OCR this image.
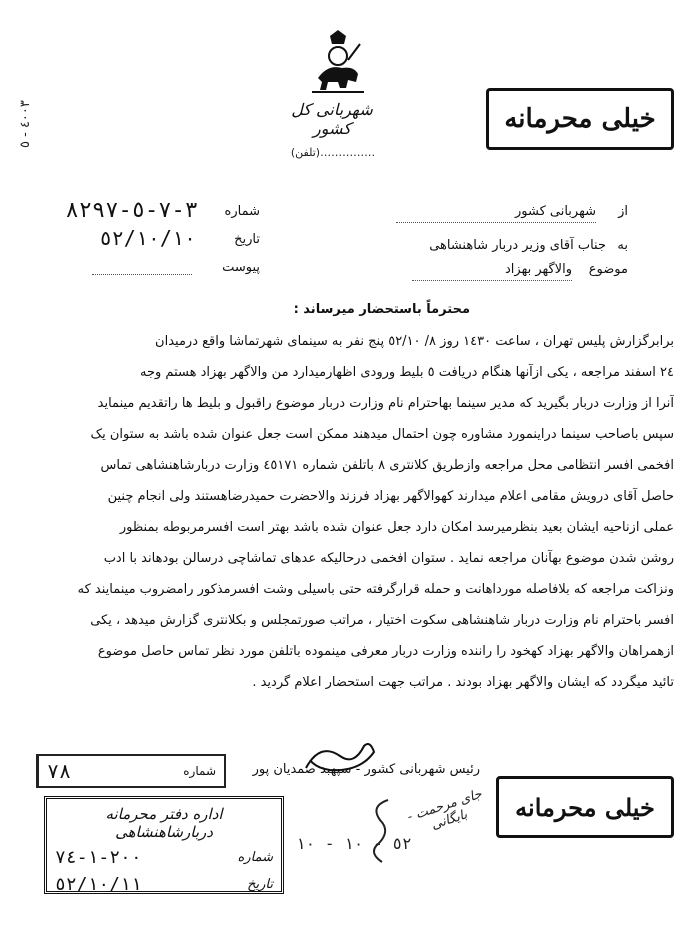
٤٠٠٣ - ٥	شهربانی کل کشور
……………(تلفن)
خیلی محرمانه
از
شهربانی کشور
به
جناب آقای وزیر دربار شاهنشاهی
موضوع
والاگهر بهزاد
شماره
٣-٧-٥-٨٢٩٧
تاریخ
٥٢/١٠/١٠
پیوست
محترماً باستحضار میرساند :
برابرگزارش پلیس تهران ، ساعت ١٤٣٠ روز ٨/ ٥٢/١٠ پنج نفر به سینمای شهرتماشا واقع درمیدان
٢٤ اسفند مراجعه ، یکی ازآنها هنگام دریافت ٥ بلیط ورودی اظهارمیدارد من والاگهر بهزاد هستم وجه
آنرا از وزارت دربار بگیرید که مدیر سینما بهاحترام نام وزارت دربار موضوع راقبول و بلیط ها راتقدیم مینماید
سپس باصاحب سینما دراینمورد مشاوره چون احتمال میدهند ممکن است جعل عنوان شده باشد به ستوان یک
افخمی افسر انتظامی محل مراجعه وازطریق کلانتری ٨ باتلفن شماره ٤٥١٧١ وزارت دربارشاهنشاهی تماس
حاصل آقای درویش مقامی اعلام میدارند کهوالاگهر بهزاد فرزند والاحضرت حمیدرضاهستند ولی انجام چنین
عملی ازناحیه ایشان بعید بنظرمیرسد امکان دارد جعل عنوان شده باشد بهتر است افسرمربوطه بمنظور
روشن شدن موضوع بهآنان مراجعه نماید . ستوان افخمی درحالیکه عدهای تماشاچی درسالن بودهاند با ادب
ونزاکت مراجعه که بلافاصله مورداهانت و حمله قرارگرفته حتی باسیلی وشت افسرمذکور رامضروب مینمایند که
افسر باحترام نام وزارت دربار شاهنشاهی سکوت اختیار ، مراتب صورتمجلس و بکلانتری گزارش میدهد ، یکی
ازهمراهان والاگهر بهزاد کهخود را راننده وزارت دربار معرفی مینموده باتلفن مورد نظر تماس حاصل موضوع
تائید میگردد که ایشان والاگهر بهزاد بودند . مراتب جهت استحضار اعلام گردید .
رئیس شهربانی کشور - سپهبد صمدیان پور
خیلی محرمانه
٧٨	شماره
اداره دفتر محرمانه دربارشاهنشاهی
شماره
٢٠٠-١-٧٤
تاریخ
٥٢/١٠/١١
جای مرحمت - بایگانی
٥٢ - ١٠ - ١٠
